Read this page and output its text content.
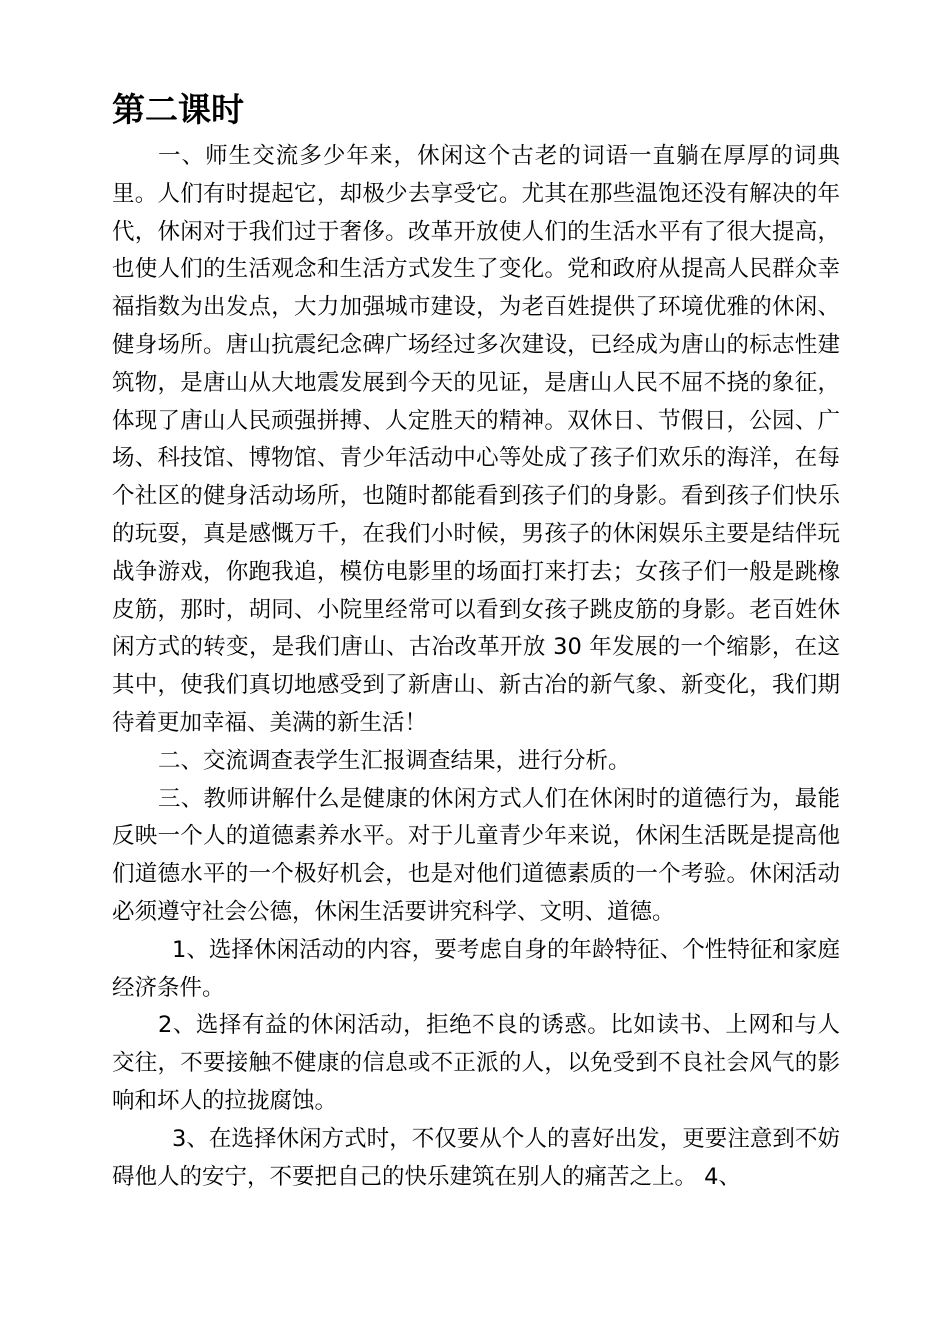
第二课时

一、师生交流多少年来，休闲这个古老的词语一直躺在厚厚的词典里。人们有时提起它，却极少去享受它。尤其在那些温饱还没有解决的年代，休闲对于我们过于奢侈。改革开放使人们的生活水平有了很大提高，也使人们的生活观念和生活方式发生了变化。党和政府从提高人民群众幸福指数为出发点，大力加强城市建设，为老百姓提供了环境优雅的休闲、健身场所。唐山抗震纪念碑广场经过多次建设，已经成为唐山的标志性建筑物，是唐山从大地震发展到今天的见证，是唐山人民不屈不挠的象征，体现了唐山人民顽强拼搏、人定胜天的精神。双休日、节假日，公园、广场、科技馆、博物馆、青少年活动中心等处成了孩子们欢乐的海洋，在每个社区的健身活动场所，也随时都能看到孩子们的身影。看到孩子们快乐的玩耍，真是感慨万千，在我们小时候，男孩子的休闲娱乐主要是结伴玩战争游戏，你跑我追，模仿电影里的场面打来打去；女孩子们一般是跳橡皮筋，那时，胡同、小院里经常可以看到女孩子跳皮筋的身影。老百姓休闲方式的转变，是我们唐山、古冶改革开放 30 年发展的一个缩影，在这其中，使我们真切地感受到了新唐山、新古冶的新气象、新变化，我们期待着更加幸福、美满的新生活！

二、交流调查表学生汇报调查结果，进行分析。

三、教师讲解什么是健康的休闲方式人们在休闲时的道德行为，最能反映一个人的道德素养水平。对于儿童青少年来说，休闲生活既是提高他们道德水平的一个极好机会，也是对他们道德素质的一个考验。休闲活动必须遵守社会公德，休闲生活要讲究科学、文明、道德。

1、选择休闲活动的内容，要考虑自身的年龄特征、个性特征和家庭经济条件。

2、选择有益的休闲活动，拒绝不良的诱惑。比如读书、上网和与人交往，不要接触不健康的信息或不正派的人，以免受到不良社会风气的影响和坏人的拉拢腐蚀。

3、在选择休闲方式时，不仅要从个人的喜好出发，更要注意到不妨碍他人的安宁，不要把自己的快乐建筑在别人的痛苦之上。 4、
